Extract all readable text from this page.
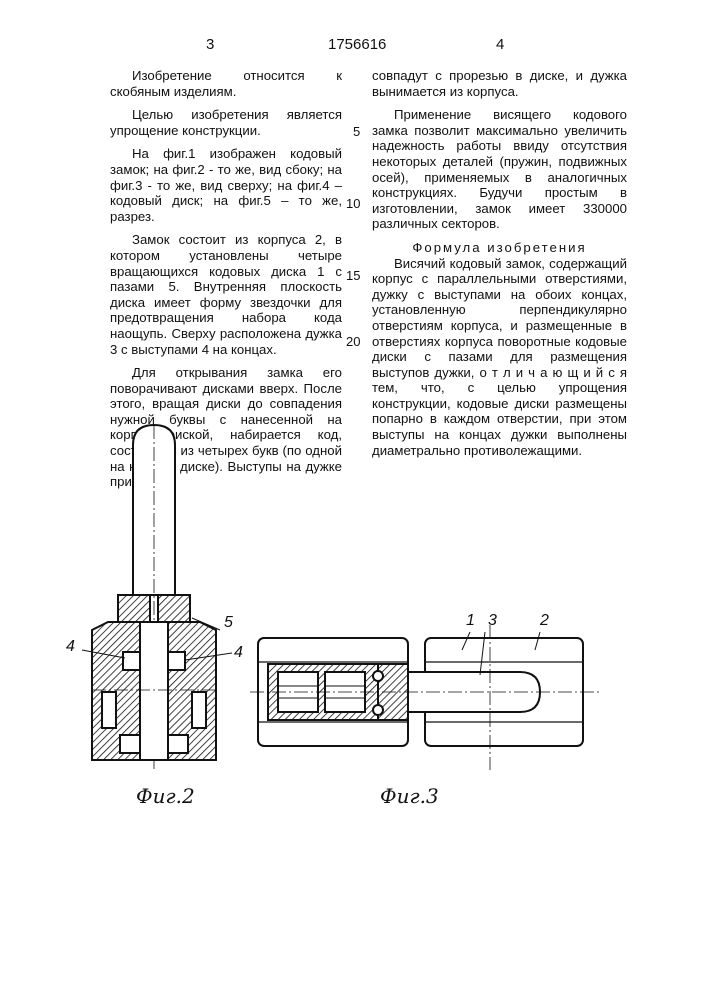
3	1756616	4

Изобретение относится к скобяным изделиям.

Целью изобретения является упрощение конструкции.

На фиг.1 изображен кодовый замок; на фиг.2 - то же, вид сбоку; на фиг.3 - то же, вид сверху; на фиг.4 – кодовый диск; на фиг.5 – то же, разрез.

Замок состоит из корпуса 2, в котором установлены четыре вращающихся кодовых диска 1 с пазами 5. Внутренняя плоскость диска имеет форму звездочки для предотвращения набора кода наощупь. Сверху расположена дужка 3 с выступами 4 на концах.

Для открывания замка его поворачивают дисками вверх. После этого, вращая диски до совпадения нужной буквы с нанесенной на корпус риской, набирается код, из четырех букв (по одной на диске). Выступы на дужке при

5
10
15
20

совпадут с прорезью в диске, и дужка вынимается из корпуса.

Применение висящего кодового замка позволит максимально увеличить надежность работы ввиду отсутствия некоторых деталей (пружин, подвижных осей), применяемых в аналогичных конструкциях. Будучи простым в изготовлении, замок имеет 330000 различных секторов.

Формула изобретения

Висячий кодовый замок, содержащий корпус с параллельными отверстиями, дужку с выступами на обоих концах, установленную перпендикулярно отверстиям корпуса, и размещенные в отверстиях корпуса поворотные кодовые диски с пазами для размещения выступов дужки, о т л и ч а ю щ и й с я тем, что, с целью упрощения конструкции, кодовые диски размещены попарно в каждом отверстии, при этом выступы на концах дужки выполнены диаметрально противолежащими.

4
5
4
1 3	2
Фиг.2	Фиг.3
